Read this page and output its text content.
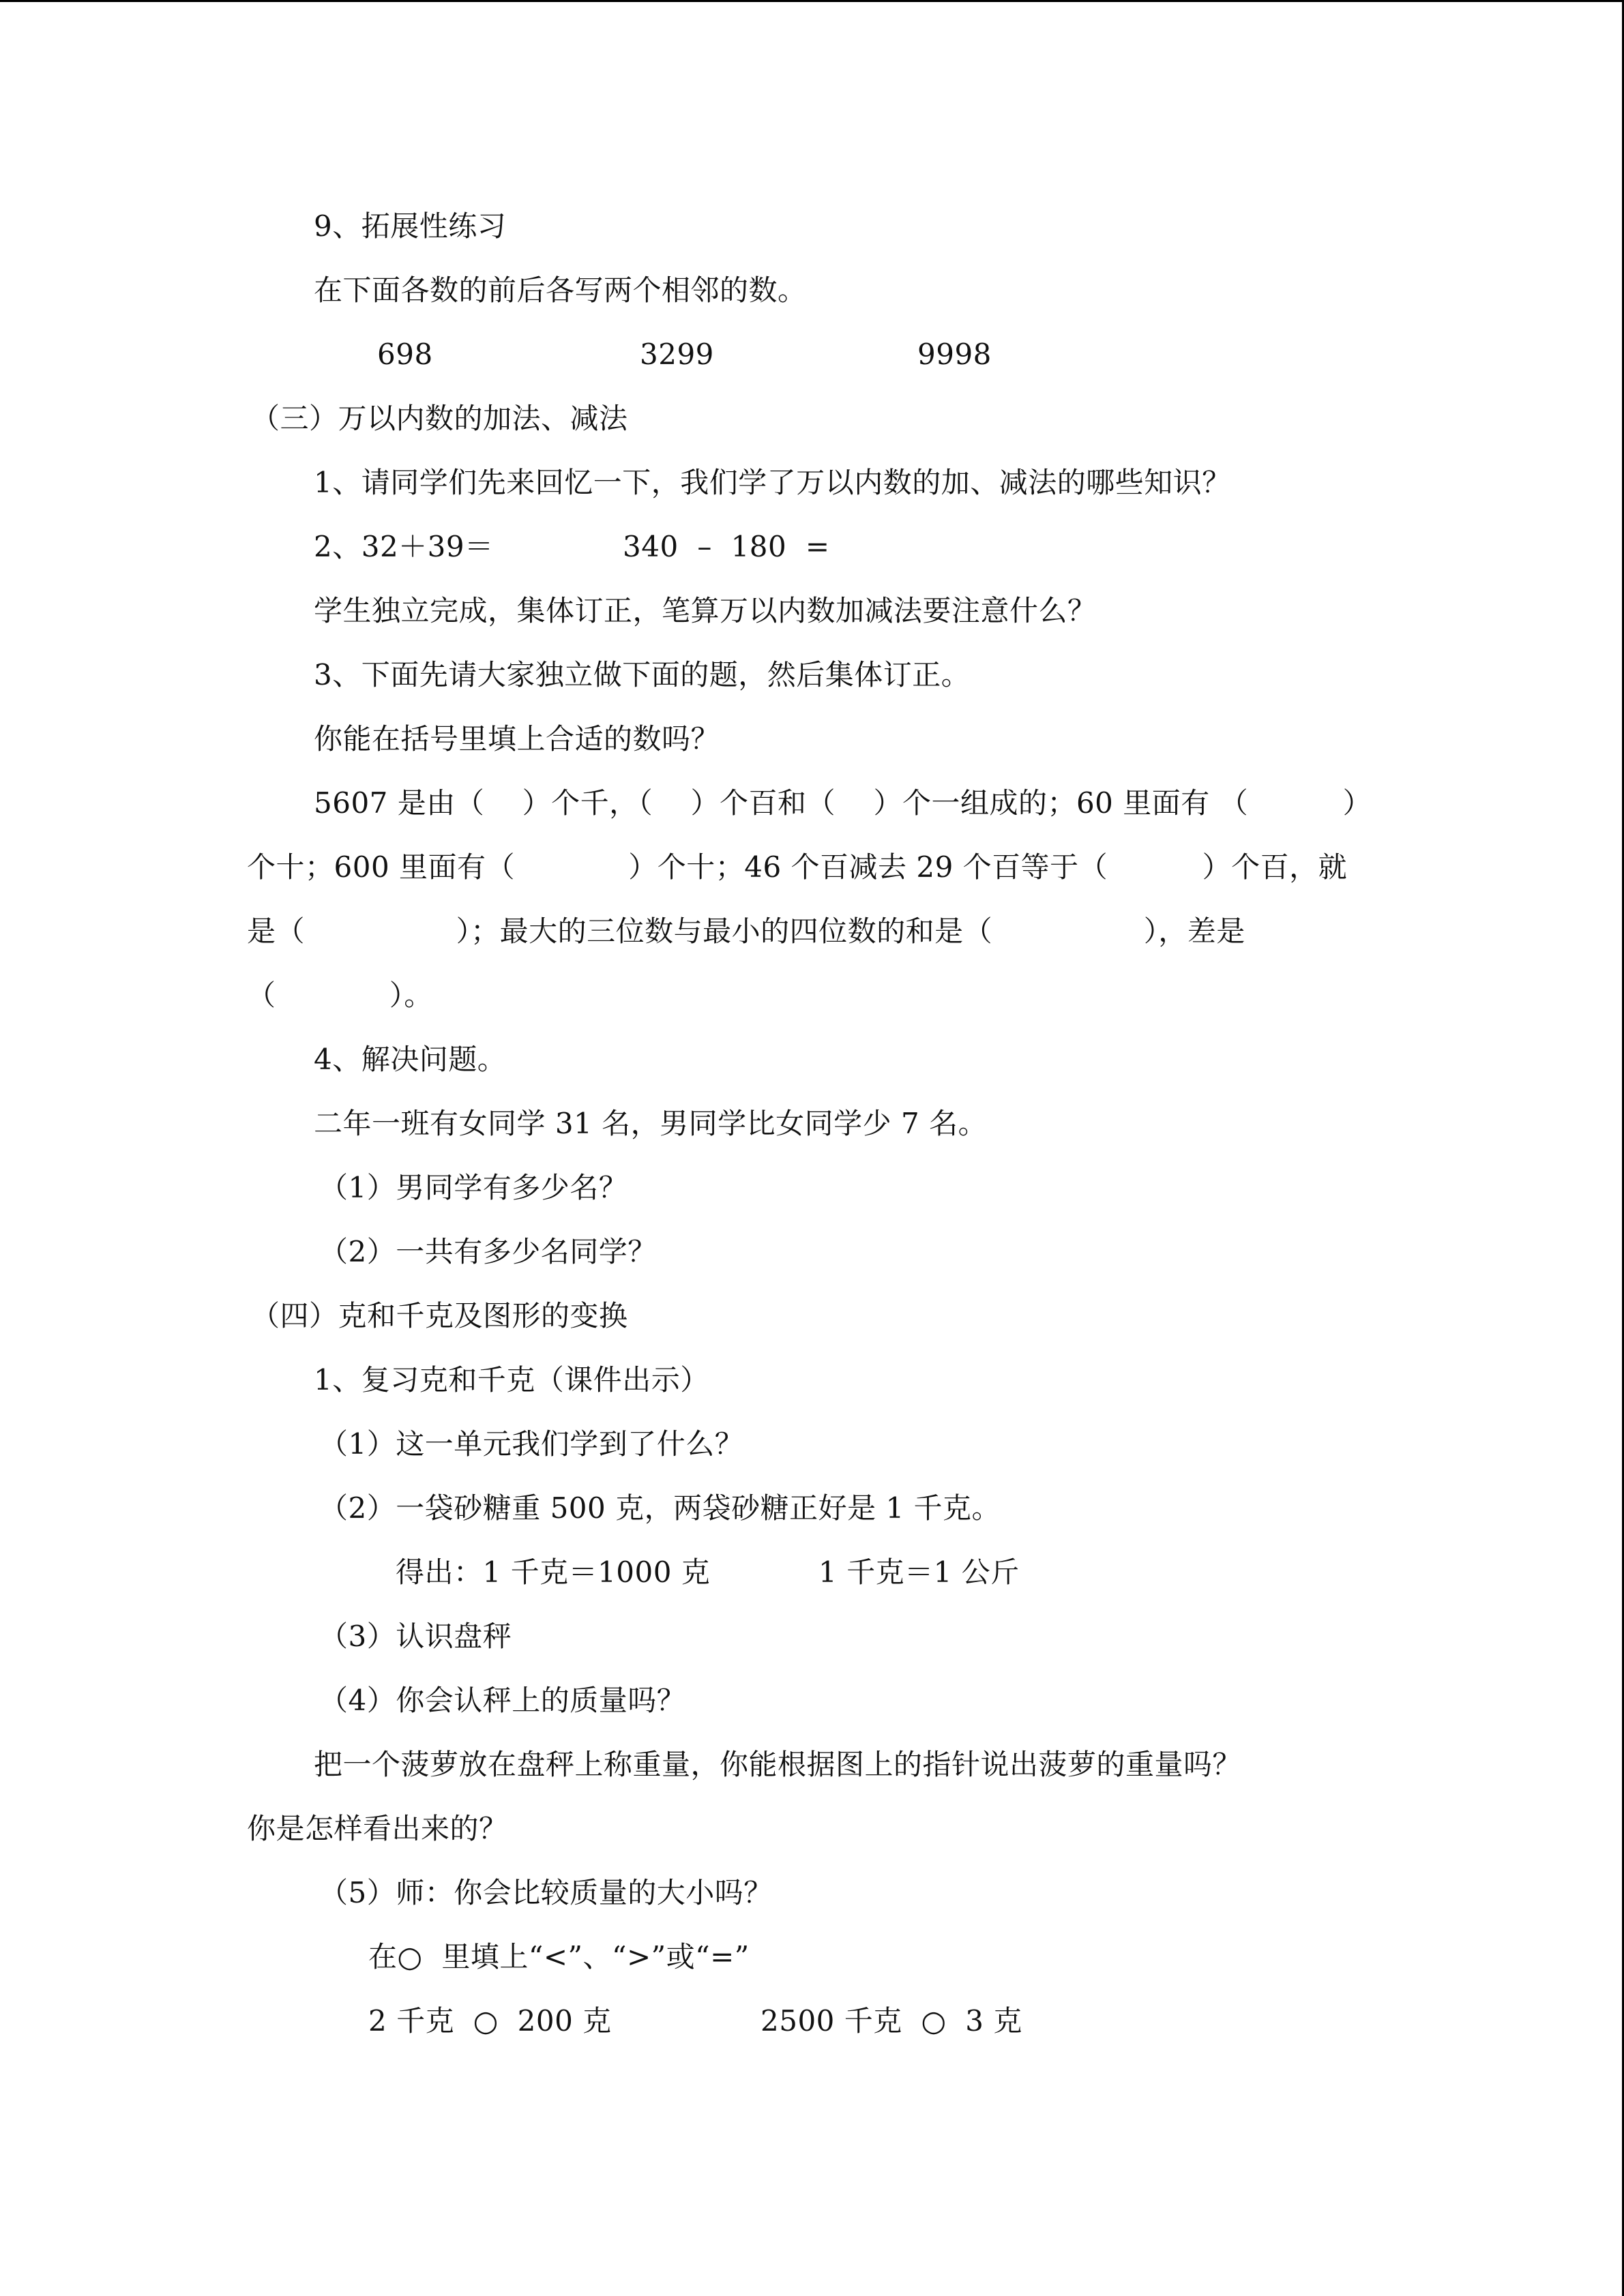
9、拓展性练习
在下面各数的前后各写两个相邻的数。
698	3299	9998
（三）万以内数的加法、减法
1、请同学们先来回忆一下，我们学了万以内数的加、减法的哪些知识？
2、32＋39＝	340  –  180  =
学生独立完成，集体订正，笔算万以内数加减法要注意什么？
3、下面先请大家独立做下面的题，然后集体订正。
你能在括号里填上合适的数吗？
5607 是由（    ）个千，（    ）个百和（    ）个一组成的；60 里面有 （          ）
个十；600 里面有（            ）个十；46 个百减去 29 个百等于（          ）个百，就
是（                ）；最大的三位数与最小的四位数的和是（                ），差是
（            ）。
4、解决问题。
二年一班有女同学 31 名，男同学比女同学少 7 名。
（1）男同学有多少名？
（2）一共有多少名同学？
（四）克和千克及图形的变换
1、复习克和千克（课件出示）
（1）这一单元我们学到了什么？
（2）一袋砂糖重 500 克，两袋砂糖正好是 1 千克。
得出：1 千克＝1000 克	1 千克＝1 公斤
（3）认识盘秤
（4）你会认秤上的质量吗？
把一个菠萝放在盘秤上称重量，你能根据图上的指针说出菠萝的重量吗？
你是怎样看出来的？
（5）师：你会比较质量的大小吗？
在○  里填上“<”、“>”或“=”
2 千克  ○  200 克	2500 千克  ○  3 克
